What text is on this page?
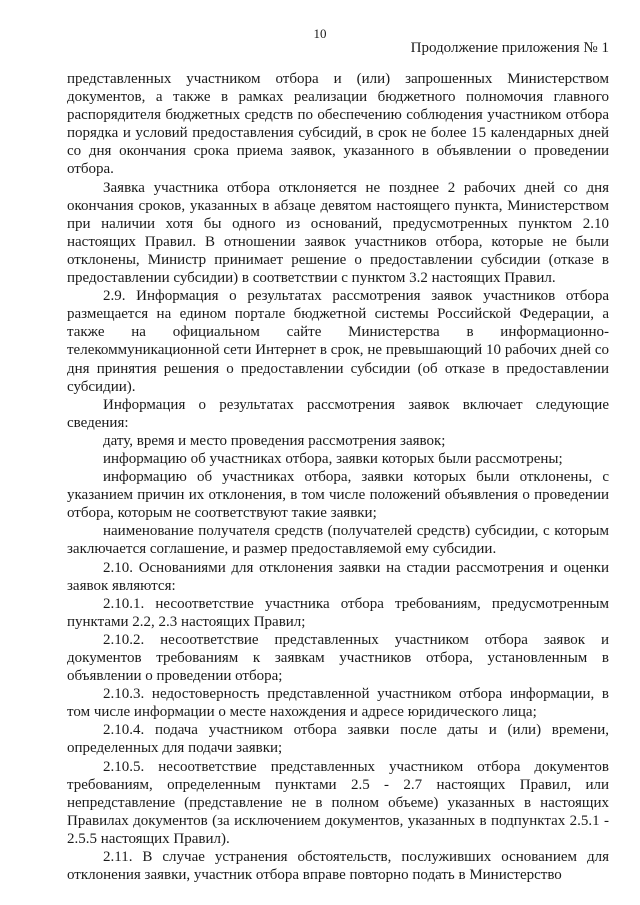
10
Продолжение приложения № 1

представленных участником отбора и (или) запрошенных Министерством документов, а также в рамках реализации бюджетного полномочия главного распорядителя бюджетных средств по обеспечению соблюдения участником отбора порядка и условий предоставления субсидий, в срок не более 15 календарных дней со дня окончания срока приема заявок, указанного в объявлении о проведении отбора.

Заявка участника отбора отклоняется не позднее 2 рабочих дней со дня окончания сроков, указанных в абзаце девятом настоящего пункта, Министерством при наличии хотя бы одного из оснований, предусмотренных пунктом 2.10 настоящих Правил. В отношении заявок участников отбора, которые не были отклонены, Министр принимает решение о предоставлении субсидии (отказе в предоставлении субсидии) в соответствии с пунктом 3.2 настоящих Правил.

2.9. Информация о результатах рассмотрения заявок участников отбора размещается на едином портале бюджетной системы Российской Федерации, а также на официальном сайте Министерства в информационно-телекоммуникационной сети Интернет в срок, не превышающий 10 рабочих дней со дня принятия решения о предоставлении субсидии (об отказе в предоставлении субсидии).

Информация о результатах рассмотрения заявок включает следующие сведения:

дату, время и место проведения рассмотрения заявок;

информацию об участниках отбора, заявки которых были рассмотрены;

информацию об участниках отбора, заявки которых были отклонены, с указанием причин их отклонения, в том числе положений объявления о проведении отбора, которым не соответствуют такие заявки;

наименование получателя средств (получателей средств) субсидии, с которым заключается соглашение, и размер предоставляемой ему субсидии.

2.10. Основаниями для отклонения заявки на стадии рассмотрения и оценки заявок являются:

2.10.1. несоответствие участника отбора требованиям, предусмотренным пунктами 2.2, 2.3 настоящих Правил;

2.10.2. несоответствие представленных участником отбора заявок и документов требованиям к заявкам участников отбора, установленным в объявлении о проведении отбора;

2.10.3. недостоверность представленной участником отбора информации, в том числе информации о месте нахождения и адресе юридического лица;

2.10.4. подача участником отбора заявки после даты и (или) времени, определенных для подачи заявки;

2.10.5. несоответствие представленных участником отбора документов требованиям, определенным пунктами 2.5 - 2.7 настоящих Правил, или непредставление (представление не в полном объеме) указанных в настоящих Правилах документов (за исключением документов, указанных в подпунктах 2.5.1 - 2.5.5 настоящих Правил).

2.11. В случае устранения обстоятельств, послуживших основанием для отклонения заявки, участник отбора вправе повторно подать в Министерство
